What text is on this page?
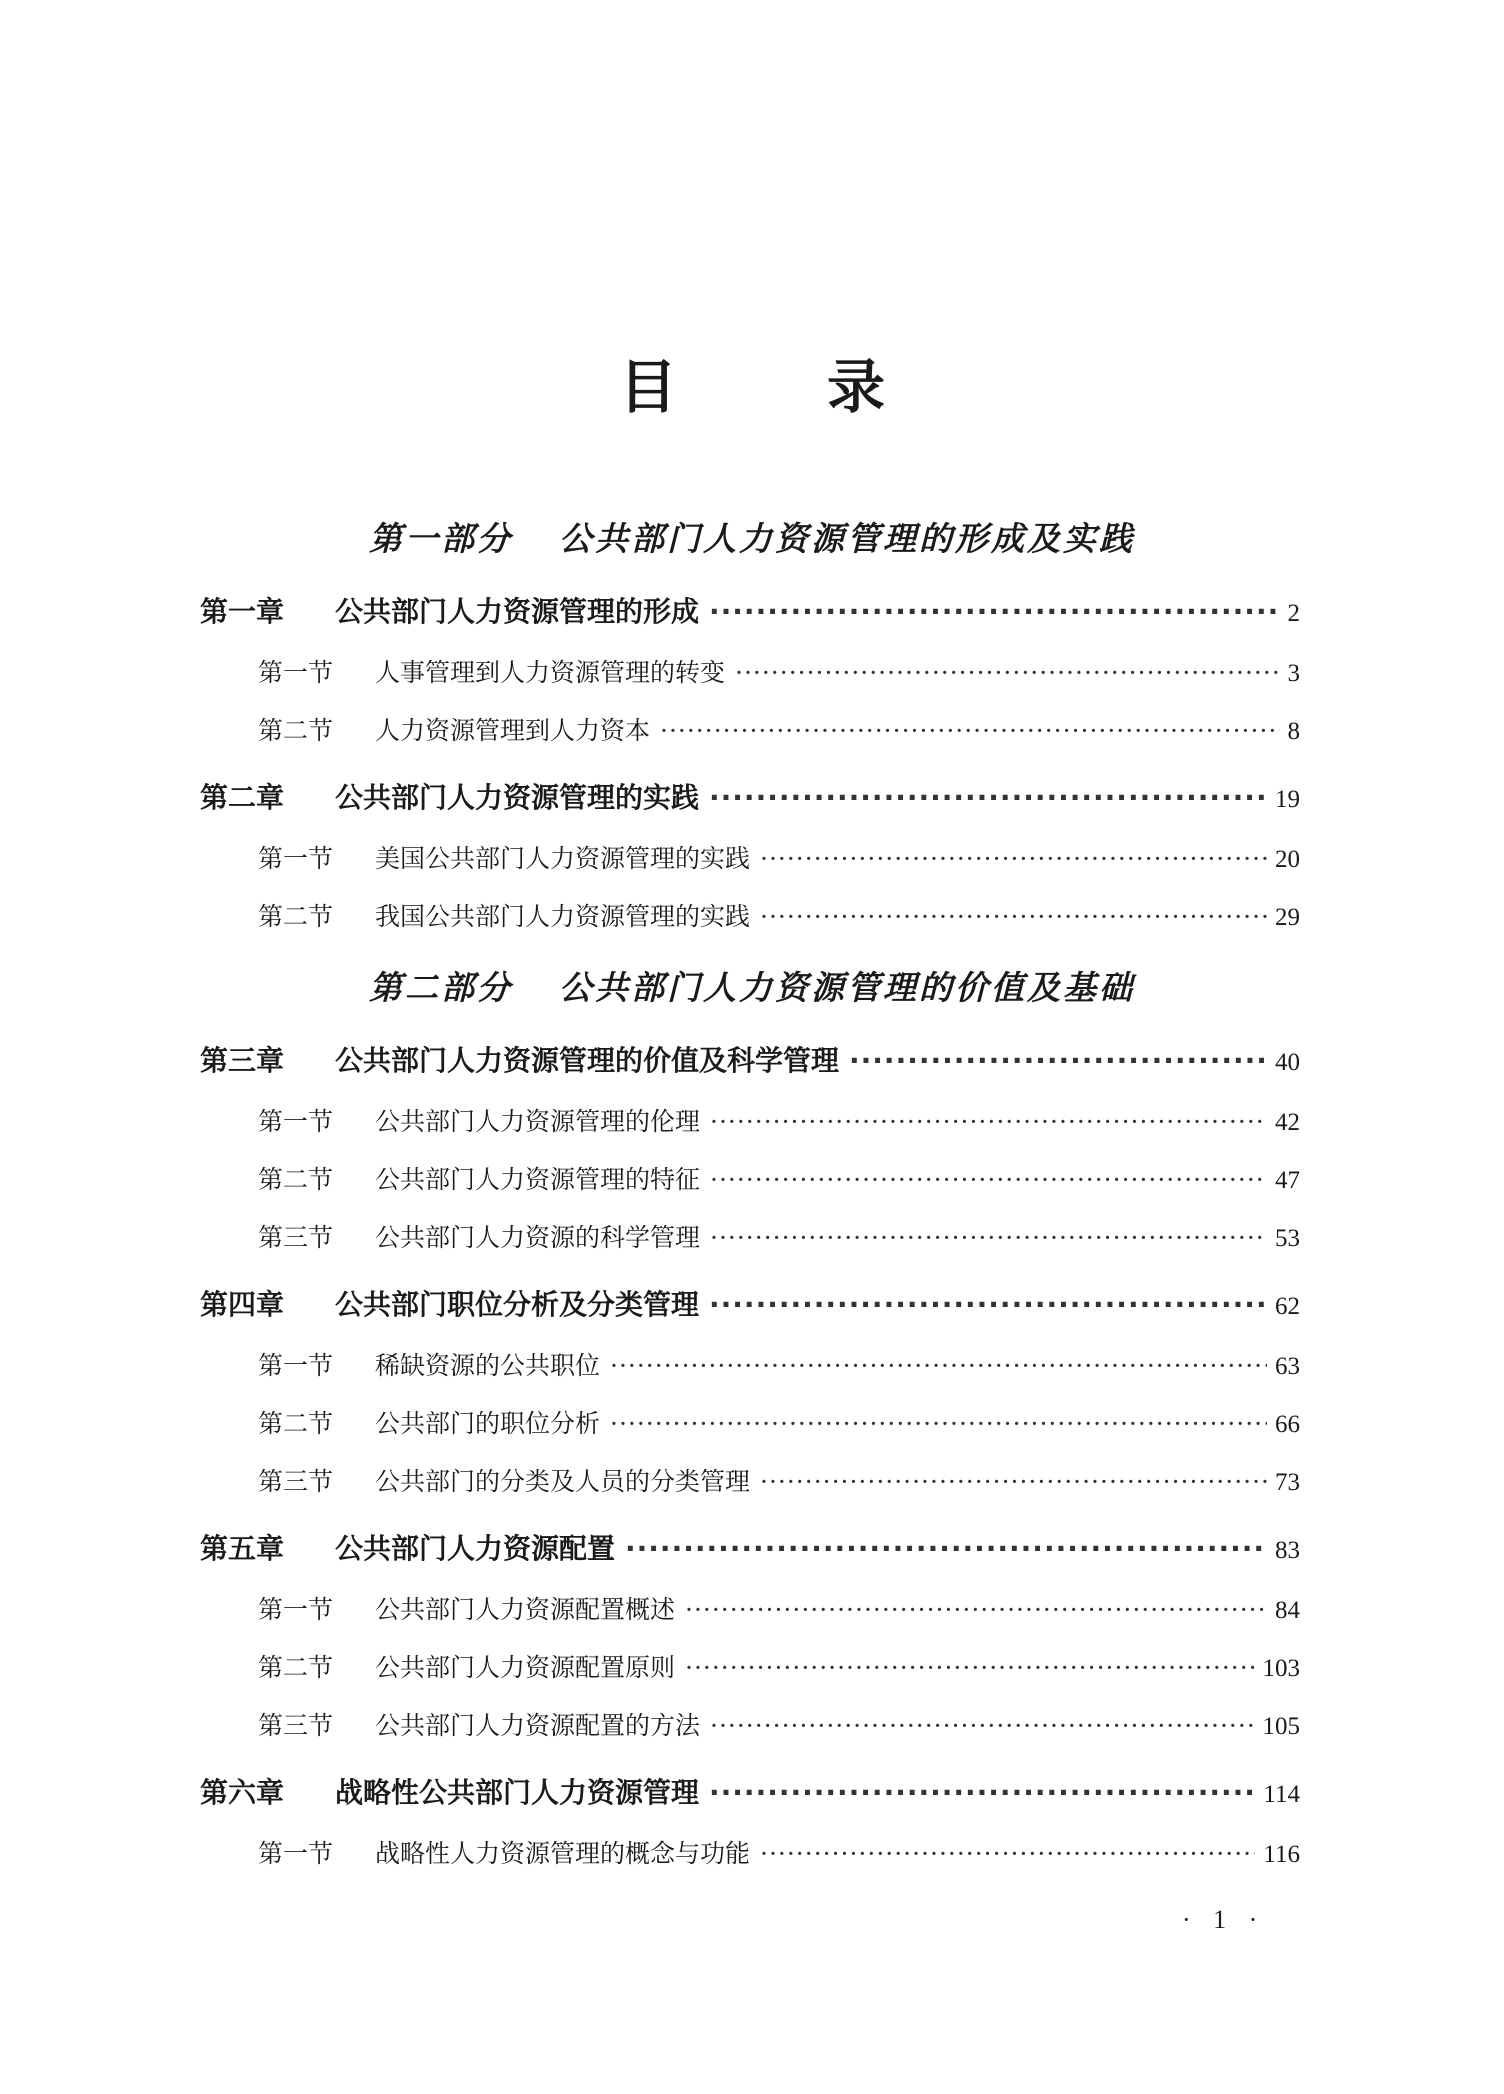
目	录
第一部分 公共部门人力资源管理的形成及实践
第一章 公共部门人力资源管理的形成 ·····	2
第一节 人事管理到人力资源管理的转变 ·····	3
第二节 人力资源管理到人力资本 ·····	8
第二章 公共部门人力资源管理的实践 ·····	19
第一节 美国公共部门人力资源管理的实践 ·····	20
第二节 我国公共部门人力资源管理的实践 ·····	29
第二部分 公共部门人力资源管理的价值及基础
第三章 公共部门人力资源管理的价值及科学管理 ·····	40
第一节 公共部门人力资源管理的伦理 ·····	42
第二节 公共部门人力资源管理的特征 ·····	47
第三节 公共部门人力资源的科学管理 ·····	53
第四章 公共部门职位分析及分类管理 ·····	62
第一节 稀缺资源的公共职位 ·····	63
第二节 公共部门的职位分析 ·····	66
第三节 公共部门的分类及人员的分类管理 ·····	73
第五章 公共部门人力资源配置 ·····	83
第一节 公共部门人力资源配置概述 ·····	84
第二节 公共部门人力资源配置原则 ·····	103
第三节 公共部门人力资源配置的方法 ·····	105
第六章 战略性公共部门人力资源管理 ·····	114
第一节 战略性人力资源管理的概念与功能 ·····	116
· 1 ·
